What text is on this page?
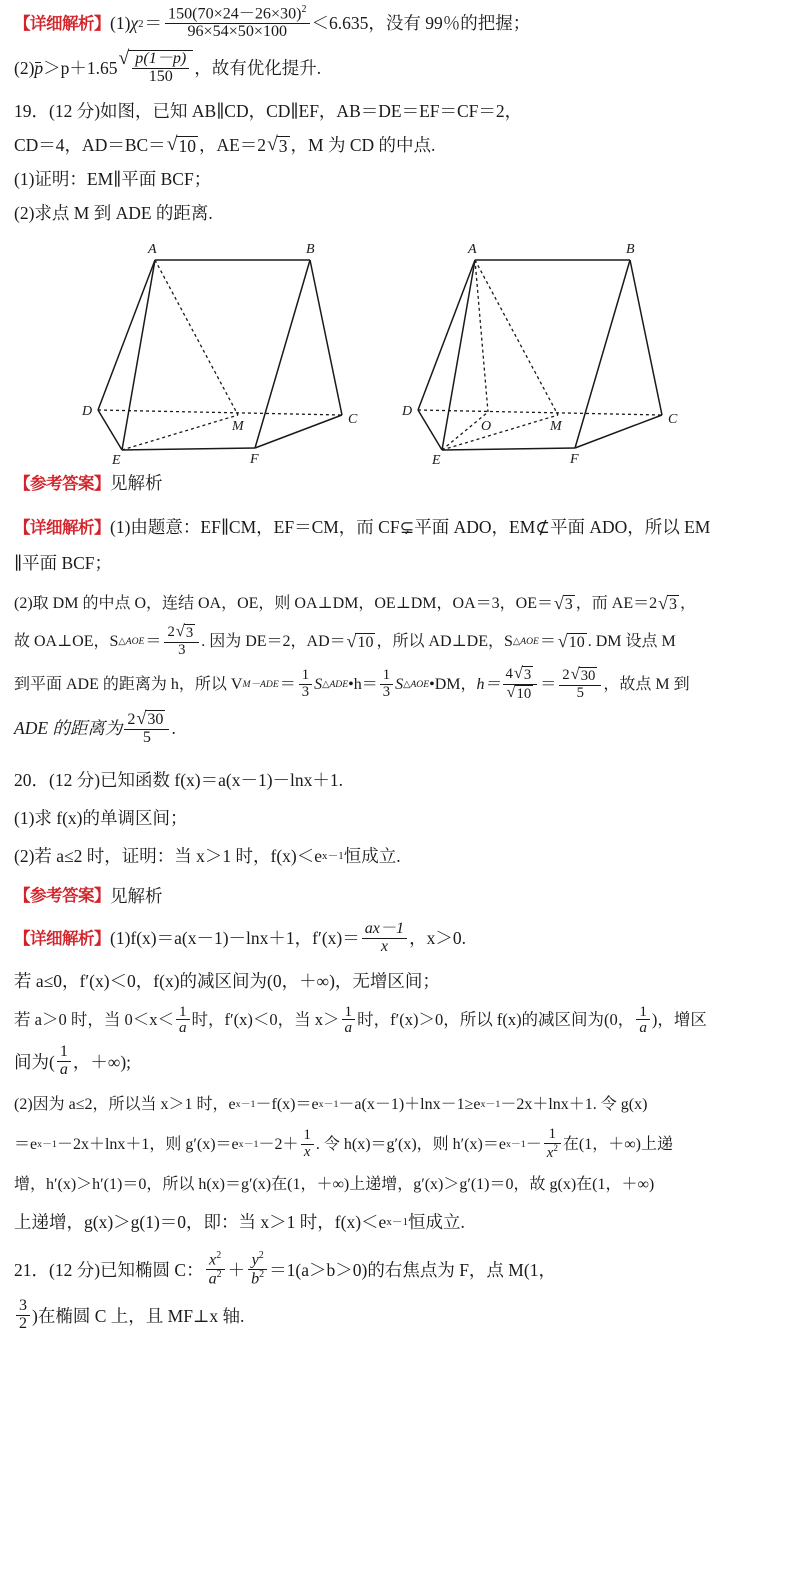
【详细解析】 (1) χ $2 = \frac{150(70\times 24-26\times 30)^2}{96\times 54\times 50\times 100} <6.635$，没有 99％的把握；
(2) p ＞p＋1.65 √ $\frac{p(1-p)}{150}$ ，故有优化提升.
19． (12 分) 如图，已知 AB∥CD，CD∥EF，AB＝DE＝EF＝CF＝2，
CD＝4，AD＝BC＝ √ 10 ，AE＝2 √ 3 ，M 为 CD 的中点.
(1)证明：EM∥平面 BCF；
(2)求点 M 到 ADE 的距离.
A	B
D
C
E	F
M
A	B
D
C
E	F
M
O
【参考答案】 见解析
【详细解析】 (1)由题意：EF∥CM，EF＝CM，而 CF⊊平面 ADO，EM⊄平面 ADO，所以 EM
∥平面 BCF；
(2)取 DM 的中点 O，连结 OA，OE，则 OA⊥DM，OE⊥DM，OA＝3，OE＝ √ 3 ，而 AE＝2 √ 3 ，
故 OA⊥OE，S △AOE ＝ $\frac{2 √ 3}{3}$ . 因为 DE＝2，AD＝ √ 10 ，所以 AD⊥DE，S △AOE ＝ √ 10 . DM 设点 M
到平面 ADE 的距离为 h，所以 V $M-ADE = \frac{1}{3}$ S △ADE •h＝ $\frac{1}{3}$ S △AOE •DM， $h= \frac{4 √ 3}{√ 10} = \frac{2 √ 30}{5}$ ，故点 M 到
ADE 的距离为 $\frac{2 √ 30}{5}$ .
20． (12 分) 已知函数 f(x)＝a(x－1)－lnx＋1.
(1)求 f(x)的单调区间；
(2)若 a≤2 时，证明：当 x＞1 时，f(x)＜e x－1 恒成立.
【参考答案】 见解析
【详细解析】 (1)f(x)＝a(x－1)－lnx＋1，$f'(x)= \frac{ax-1}{x}$ ，x＞0.
若 a≤0，f′(x)＜0，f(x)的减区间为(0，＋∞)，无增区间；
若 a＞0 时，当 $0<x< \frac{1}{a}$ 时，f′(x)＜0，当 $x> \frac{1}{a}$ 时，f′(x)＞0，所以 f(x)的减区间为(0， $\frac{1}{a}$ )，增区
间为( $\frac{1}{a}$ ，＋∞);
(2)因为 a≤2，所以当 x＞1 时，e x－1 －f(x)＝e x－1 －a(x－1)＋lnx－1≥e x－1 －2x＋lnx＋1. 令 g(x)
＝e x－1 －2x＋lnx＋1，则 g′(x)＝e $x-1 -2+ \frac{1}{x}$ . 令 h(x)＝g′(x)，则 h′(x)＝e $x-1 - \frac{1}{x^2}$ 在(1，＋∞)上递
增，h′(x)＞h′(1)＝0，所以 h(x)＝g′(x)在(1，＋∞)上递增，g′(x)＞g′(1)＝0，故 g(x)在(1，＋∞)
上递增，g(x)＞g(1)＝0，即：当 x＞1 时，f(x)＜e x－1 恒成立.
21． (12 分) 已知椭圆 C： $\frac{x^2}{a^2} + \frac{y^2}{b^2} =1(a>b>0)$的右焦点为 F，点 M(1，
$\frac{3}{2}$ )在椭圆 C 上，且 MF⊥x 轴.
